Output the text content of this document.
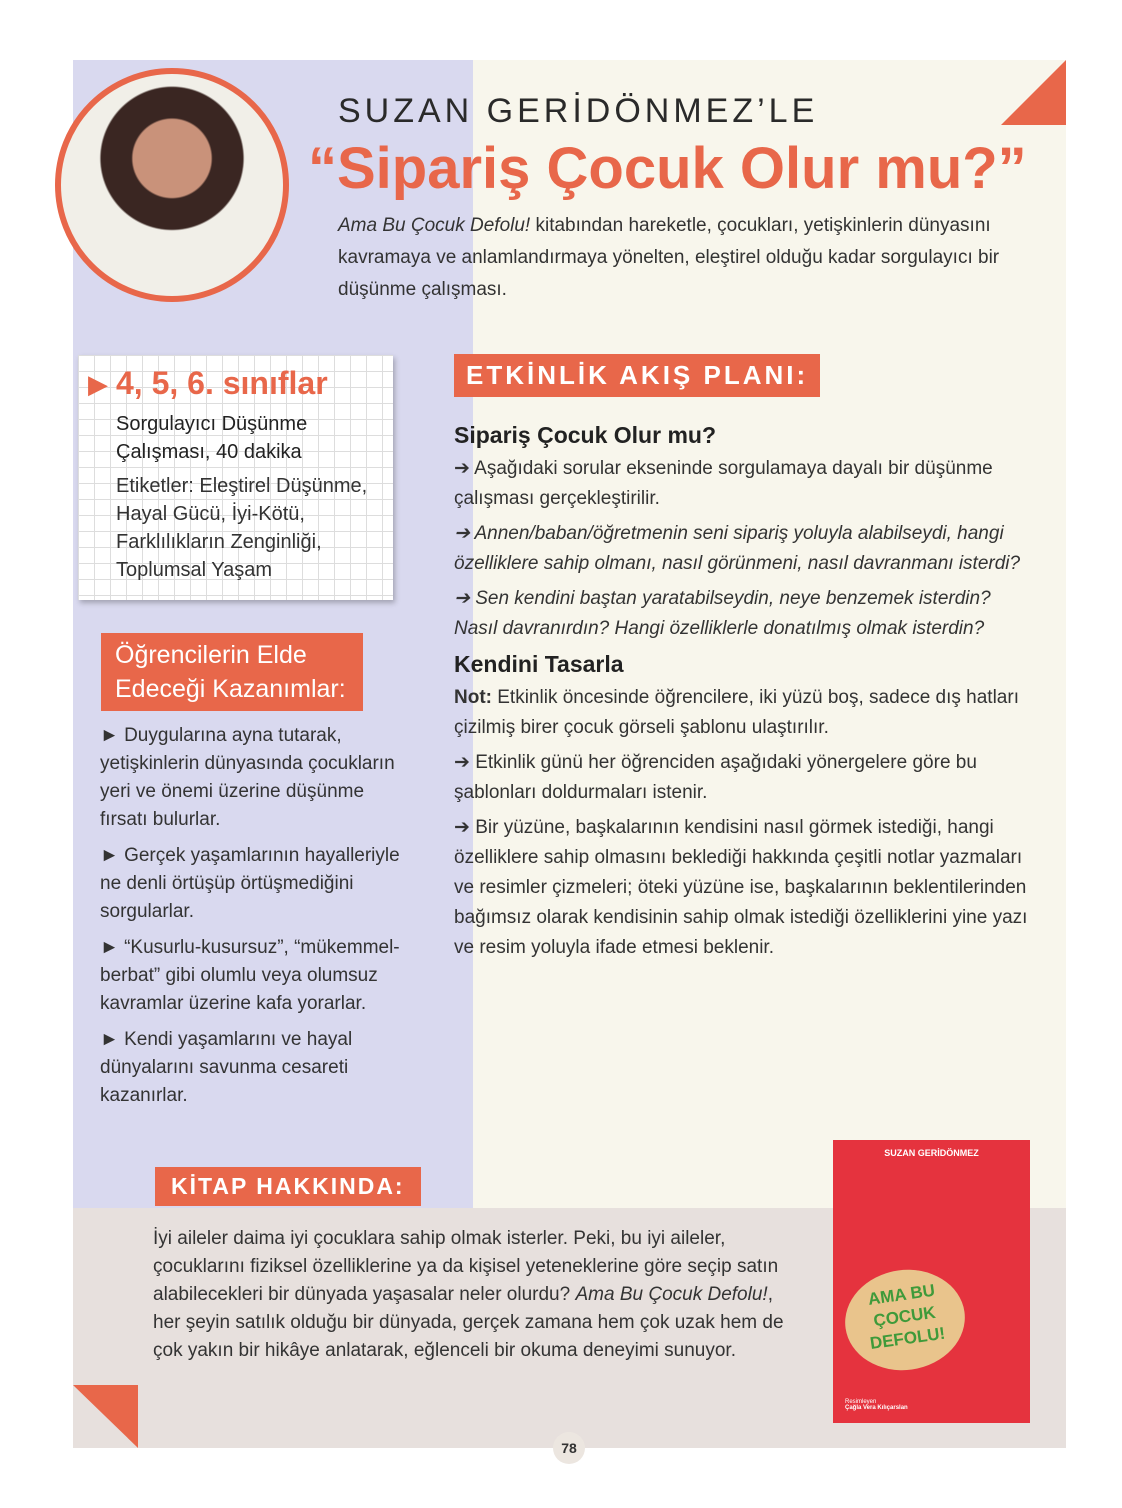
SUZAN GERİDÖNMEZ’LE
“Sipariş Çocuk Olur mu?”
Ama Bu Çocuk Defolu! kitabından hareketle, çocukları, yetişkinlerin dünyasını kavramaya ve anlamlandırmaya yönelten, eleştirel olduğu kadar sorgulayıcı bir düşünme çalışması.
▶ 4, 5, 6. sınıflar
Sorgulayıcı Düşünme Çalışması, 40 dakika
Etiketler: Eleştirel Düşünme, Hayal Gücü, İyi-Kötü, Farklılıkların Zenginliği, Toplumsal Yaşam
Öğrencilerin Elde Edeceği Kazanımlar:

► Duygularına ayna tutarak, yetişkinlerin dünyasında çocukların yeri ve önemi üzerine düşünme fırsatı bulurlar.

► Gerçek yaşamlarının hayalleriyle ne denli örtüşüp örtüşmediğini sorgularlar.

► “Kusurlu-kusursuz”, “mükemmel-berbat” gibi olumlu veya olumsuz kavramlar üzerine kafa yorarlar.

► Kendi yaşamlarını ve hayal dünyalarını savunma cesareti kazanırlar.

ETKİNLİK AKIŞ PLANI:
Sipariş Çocuk Olur mu?

➔ Aşağıdaki sorular ekseninde sorgulamaya dayalı bir düşünme çalışması gerçekleştirilir.

➔ Annen/baban/öğretmenin seni sipariş yoluyla alabilseydi, hangi özelliklere sahip olmanı, nasıl görünmeni, nasıl davranmanı isterdi?

➔ Sen kendini baştan yaratabilseydin, neye benzemek isterdin? Nasıl davranırdın? Hangi özelliklerle donatılmış olmak isterdin?

Kendini Tasarla

Not: Etkinlik öncesinde öğrencilere, iki yüzü boş, sadece dış hatları çizilmiş birer çocuk görseli şablonu ulaştırılır.

➔ Etkinlik günü her öğrenciden aşağıdaki yönergelere göre bu şablonları doldurmaları istenir.

➔ Bir yüzüne, başkalarının kendisini nasıl görmek istediği, hangi özelliklere sahip olmasını beklediği hakkında çeşitli notlar yazmaları ve resimler çizmeleri; öteki yüzüne ise, başkalarının beklentilerinden bağımsız olarak kendisinin sahip olmak istediği özelliklerini yine yazı ve resim yoluyla ifade etmesi beklenir.

KİTAP HAKKINDA:
İyi aileler daima iyi çocuklara sahip olmak isterler. Peki, bu iyi aileler, çocuklarını fiziksel özelliklerine ya da kişisel yeteneklerine göre seçip satın alabilecekleri bir dünyada yaşasalar neler olurdu? Ama Bu Çocuk Defolu!, her şeyin satılık olduğu bir dünyada, gerçek zamana hem çok uzak hem de çok yakın bir hikâye anlatarak, eğlenceli bir okuma deneyimi sunuyor.
SUZAN GERİDÖNMEZ
AMA BU ÇOCUK DEFOLU!
Resimleyen
Çağla Vera Kılıçarslan
78
